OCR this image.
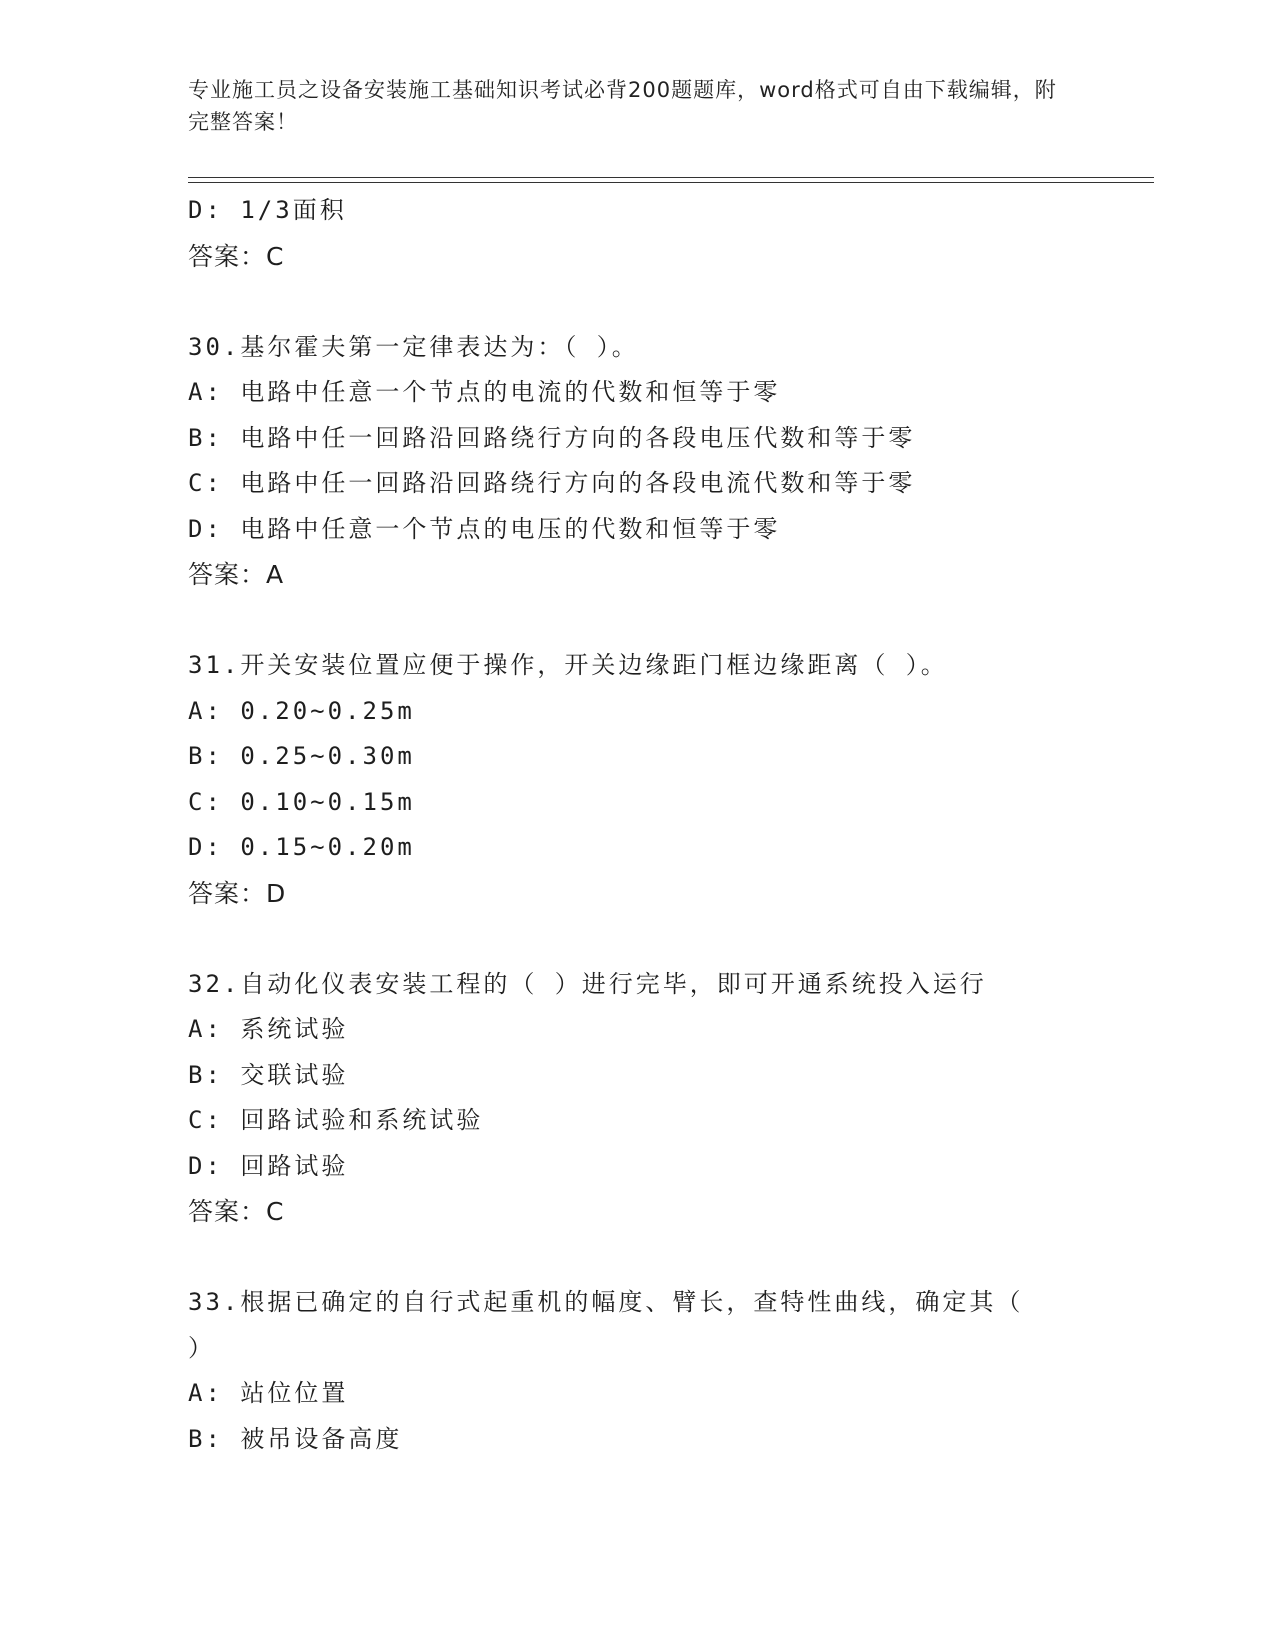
专业施工员之设备安装施工基础知识考试必背200题题库，word格式可自由下载编辑，附完整答案！
D: 1/3面积
答案：C
30.基尔霍夫第一定律表达为：（ ）。
A: 电路中任意一个节点的电流的代数和恒等于零
B: 电路中任一回路沿回路绕行方向的各段电压代数和等于零
C: 电路中任一回路沿回路绕行方向的各段电流代数和等于零
D: 电路中任意一个节点的电压的代数和恒等于零
答案：A
31.开关安装位置应便于操作，开关边缘距门框边缘距离（ ）。
A: 0.20~0.25m
B: 0.25~0.30m
C: 0.10~0.15m
D: 0.15~0.20m
答案：D
32.自动化仪表安装工程的（ ）进行完毕，即可开通系统投入运行
A: 系统试验
B: 交联试验
C: 回路试验和系统试验
D: 回路试验
答案：C
33.根据已确定的自行式起重机的幅度、臂长，查特性曲线，确定其（
）
A: 站位位置
B: 被吊设备高度
